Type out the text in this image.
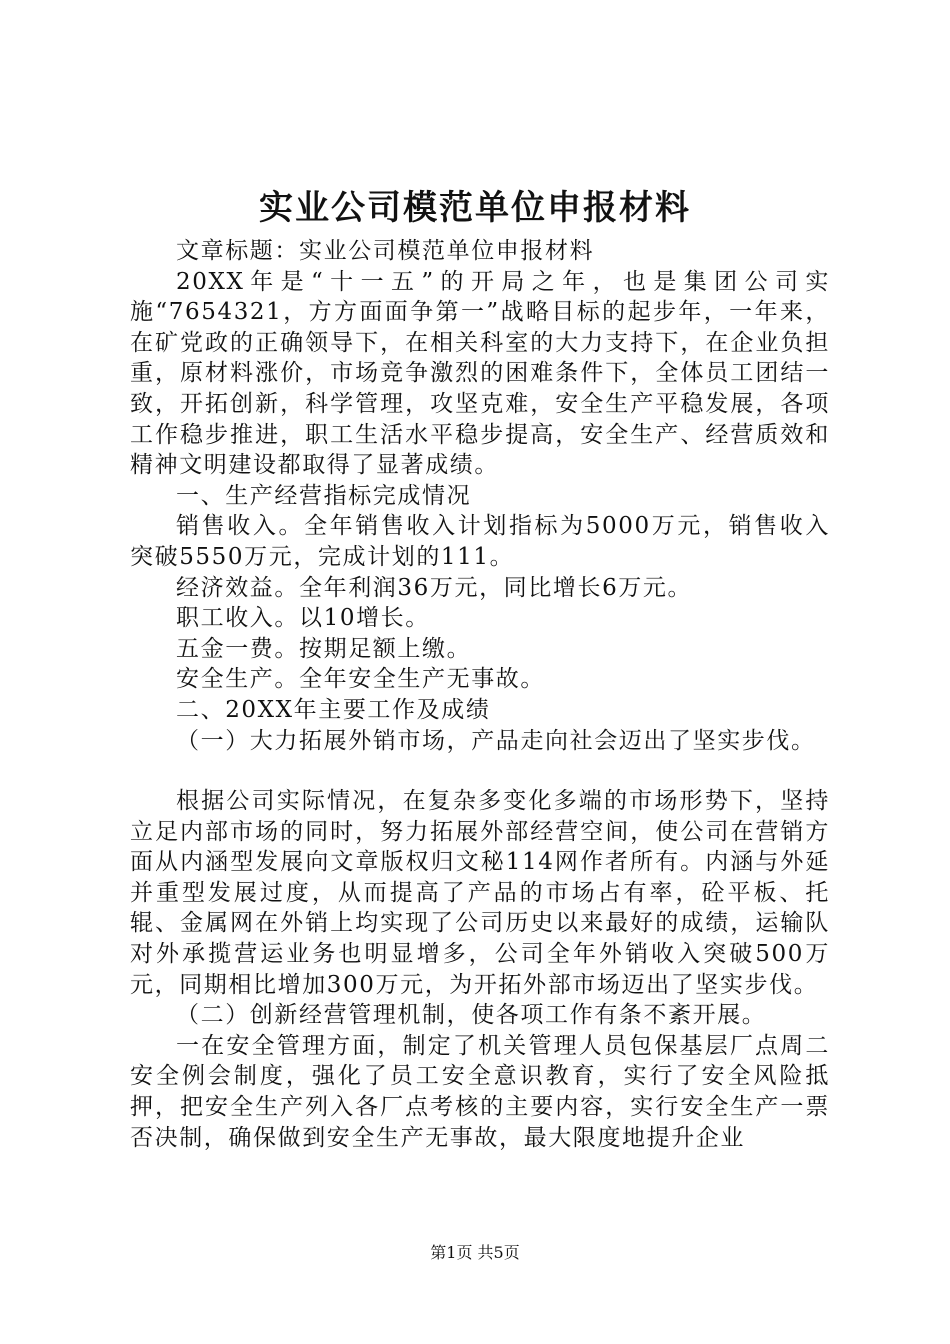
实业公司模范单位申报材料

文章标题：实业公司模范单位申报材料

20XX年是“十一五”的开局之年，也是集团公司实施“7654321，方方面面争第一”战略目标的起步年，一年来，在矿党政的正确领导下，在相关科室的大力支持下，在企业负担重，原材料涨价，市场竞争激烈的困难条件下，全体员工团结一致，开拓创新，科学管理，攻坚克难，安全生产平稳发展，各项工作稳步推进，职工生活水平稳步提高，安全生产、经营质效和精神文明建设都取得了显著成绩。

一、生产经营指标完成情况

销售收入。全年销售收入计划指标为5000万元，销售收入突破5550万元，完成计划的111。

经济效益。全年利润36万元，同比增长6万元。

职工收入。以10增长。

五金一费。按期足额上缴。

安全生产。全年安全生产无事故。

二、20XX年主要工作及成绩

（一）大力拓展外销市场，产品走向社会迈出了坚实步伐。

根据公司实际情况，在复杂多变化多端的市场形势下，坚持立足内部市场的同时，努力拓展外部经营空间，使公司在营销方面从内涵型发展向文章版权归文秘114网作者所有。内涵与外延并重型发展过度，从而提高了产品的市场占有率，砼平板、托辊、金属网在外销上均实现了公司历史以来最好的成绩，运输队对外承揽营运业务也明显增多，公司全年外销收入突破500万元，同期相比增加300万元，为开拓外部市场迈出了坚实步伐。

（二）创新经营管理机制，使各项工作有条不紊开展。

一在安全管理方面，制定了机关管理人员包保基层厂点周二安全例会制度，强化了员工安全意识教育，实行了安全风险抵押，把安全生产列入各厂点考核的主要内容，实行安全生产一票否决制，确保做到安全生产无事故，最大限度地提升企业

第1页 共5页
